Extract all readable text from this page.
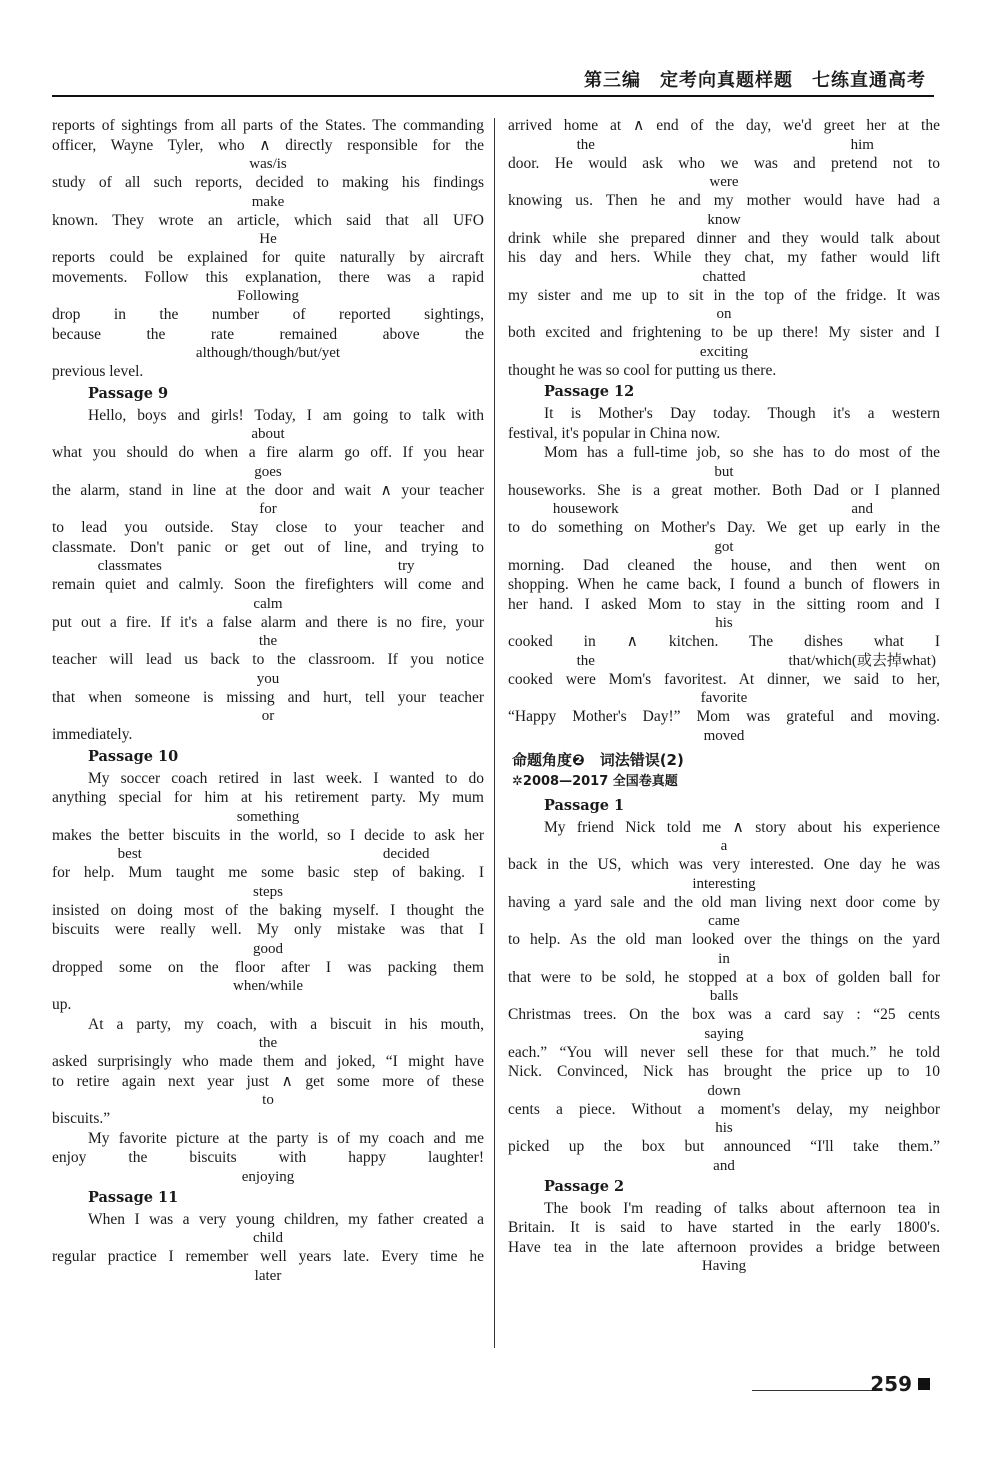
第三编　定考向真题样题　七练直通高考
reports of sightings from all parts of the States. The commanding
officer, Wayne Tyler, who ∧ directly responsible for the
was/is
study of all such reports, decided to making his findings
make
known. They wrote an article, which said that all UFO
He
reports could be explained for quite naturally by aircraft
movements. Follow this explanation, there was a rapid
Following
drop in the number of reported sightings,
because the rate remained above the
although/though/but/yet
previous level.
Passage 9
Hello, boys and girls! Today, I am going to talk with
about
what you should do when a fire alarm go off. If you hear
goes
the alarm, stand in line at the door and wait ∧ your teacher
for
to lead you outside. Stay close to your teacher and
classmate. Don't panic or get out of line, and trying to
classmates	try
remain quiet and calmly. Soon the firefighters will come and
calm
put out a fire. If it's a false alarm and there is no fire, your
the
teacher will lead us back to the classroom. If you notice
you
that when someone is missing and hurt, tell your teacher
or
immediately.
Passage 10
My soccer coach retired in last week. I wanted to do
anything special for him at his retirement party. My mum
something
makes the better biscuits in the world, so I decide to ask her
best	decided
for help. Mum taught me some basic step of baking. I
steps
insisted on doing most of the baking myself. I thought the
biscuits were really well. My only mistake was that I
good
dropped some on the floor after I was packing them
when/while
up.
At a party, my coach, with a biscuit in his mouth,
the
asked surprisingly who made them and joked, “I might have
to retire again next year just ∧ get some more of these
to
biscuits.”
My favorite picture at the party is of my coach and me
enjoy the biscuits with happy laughter!
enjoying
Passage 11
When I was a very young children, my father created a
child
regular practice I remember well years late. Every time he
later
arrived home at ∧ end of the day, we'd greet her at the
the	him
door. He would ask who we was and pretend not to
were
knowing us. Then he and my mother would have had a
know
drink while she prepared dinner and they would talk about
his day and hers. While they chat, my father would lift
chatted
my sister and me up to sit in the top of the fridge. It was
on
both excited and frightening to be up there! My sister and I
exciting
thought he was so cool for putting us there.
Passage 12
It is Mother's Day today. Though it's a western
festival, it's popular in China now.
Mom has a full-time job, so she has to do most of the
but
houseworks. She is a great mother. Both Dad or I planned
housework	and
to do something on Mother's Day. We get up early in the
got
morning. Dad cleaned the house, and then went on
shopping. When he came back, I found a bunch of flowers in
her hand. I asked Mom to stay in the sitting room and I
his
cooked in ∧ kitchen. The dishes what I
the	that/which(或去掉what)
cooked were Mom's favoritest. At dinner, we said to her,
favorite
“Happy Mother's Day!” Mom was grateful and moving.
moved
命题角度❷　词法错误(2)
✲2008—2017 全国卷真题
Passage 1
My friend Nick told me ∧ story about his experience
a
back in the US, which was very interested. One day he was
interesting
having a yard sale and the old man living next door come by
came
to help. As the old man looked over the things on the yard
in
that were to be sold, he stopped at a box of golden ball for
balls
Christmas trees. On the box was a card say : “25 cents
saying
each.” “You will never sell these for that much.” he told
Nick. Convinced, Nick has brought the price up to 10
down
cents a piece. Without a moment's delay, my neighbor
his
picked up the box but announced “I'll take them.”
and
Passage 2
The book I'm reading of talks about afternoon tea in
Britain. It is said to have started in the early 1800's.
Have tea in the late afternoon provides a bridge between
Having
259
